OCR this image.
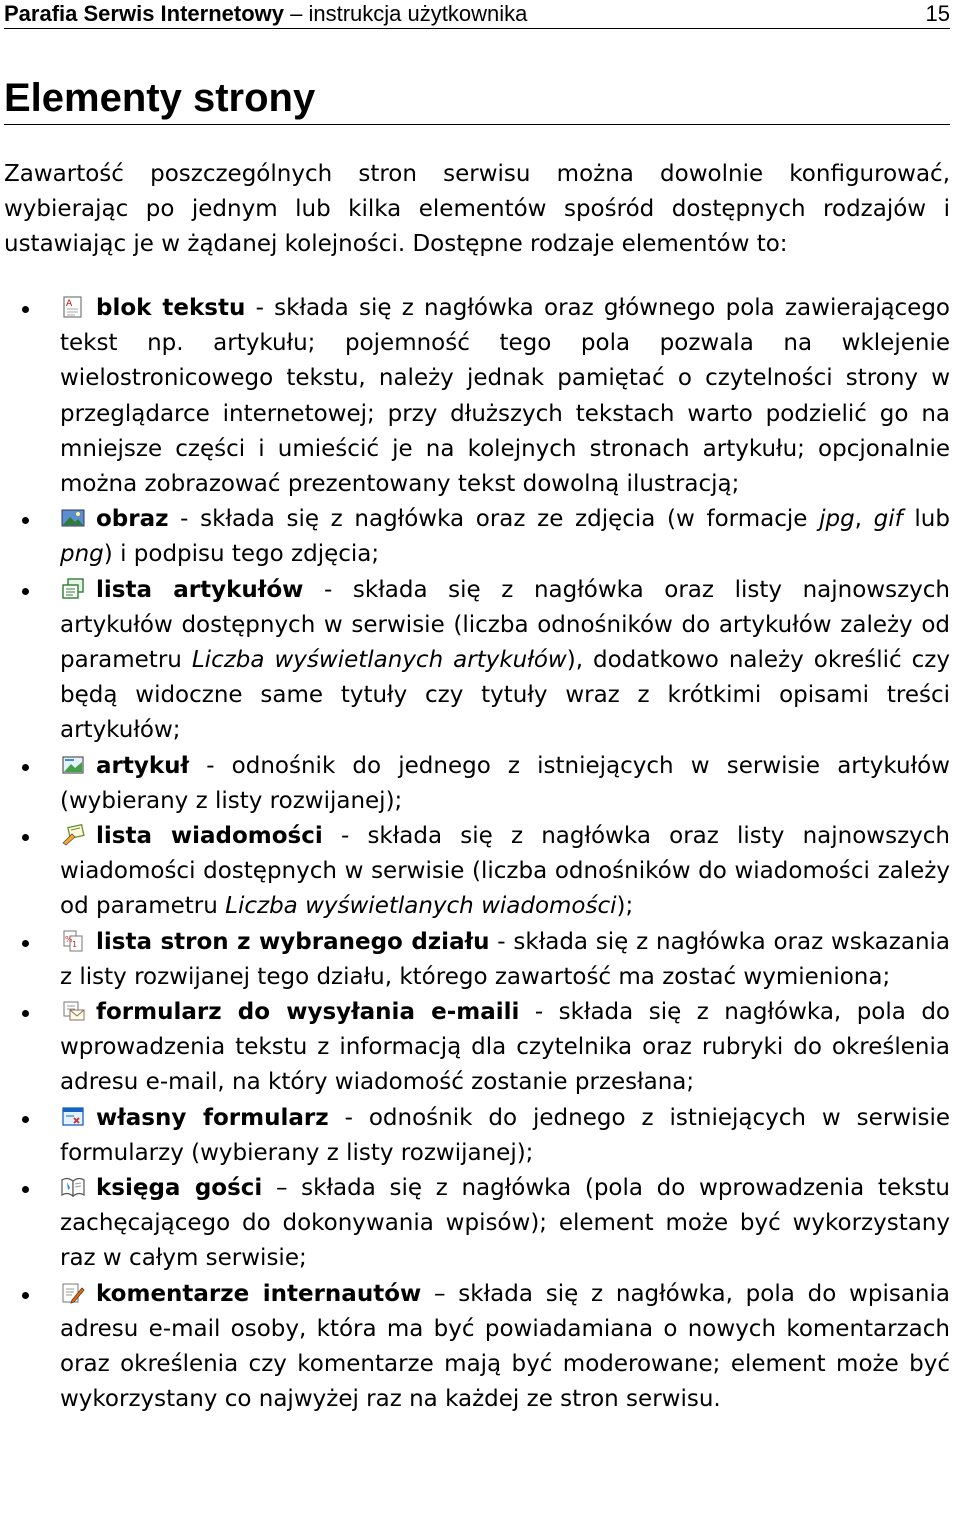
Parafia Serwis Internetowy – instrukcja użytkownika	15
Elementy strony

Zawartość poszczególnych stron serwisu można dowolnie konfigurować, wybierając po jednym lub kilka elementów spośród dostępnych rodzajów i ustawiając je w żądanej kolejności. Dostępne rodzaje elementów to:

A blok tekstu - składa się z nagłówka oraz głównego pola zawierającego tekst np. artykułu; pojemność tego pola pozwala na wklejenie wielostronicowego tekstu, należy jednak pamiętać o czytelności strony w przeglądarce internetowej; przy dłuższych tekstach warto podzielić go na mniejsze części i umieścić je na kolejnych stronach artykułu; opcjonalnie można zobrazować prezentowany tekst dowolną ilustracją;
obraz - składa się z nagłówka oraz ze zdjęcia (w formacje jpg, gif lub png) i podpisu tego zdjęcia;
lista artykułów - składa się z nagłówka oraz listy najnowszych artykułów dostępnych w serwisie (liczba odnośników do artykułów zależy od parametru Liczba wyświetlanych artykułów), dodatkowo należy określić czy będą widoczne same tytuły czy tytuły wraz z krótkimi opisami treści artykułów;
artykuł - odnośnik do jednego z istniejących w serwisie artykułów (wybierany z listy rozwijanej);
lista wiadomości - składa się z nagłówka oraz listy najnowszych wiadomości dostępnych w serwisie (liczba odnośników do wiadomości zależy od parametru Liczba wyświetlanych wiadomości);
%
1 lista stron z wybranego działu - składa się z nagłówka oraz wskazania z listy rozwijanej tego działu, którego zawartość ma zostać wymieniona;
formularz do wysyłania e-maili - składa się z nagłówka, pola do wprowadzenia tekstu z informacją dla czytelnika oraz rubryki do określenia adresu e-mail, na który wiadomość zostanie przesłana;
własny formularz - odnośnik do jednego z istniejących w serwisie formularzy (wybierany z listy rozwijanej);
księga gości – składa się z nagłówka (pola do wprowadzenia tekstu zachęcającego do dokonywania wpisów); element może być wykorzystany raz w całym serwisie;
komentarze internautów – składa się z nagłówka, pola do wpisania adresu e-mail osoby, która ma być powiadamiana o nowych komentarzach oraz określenia czy komentarze mają być moderowane; element może być wykorzystany co najwyżej raz na każdej ze stron serwisu.
